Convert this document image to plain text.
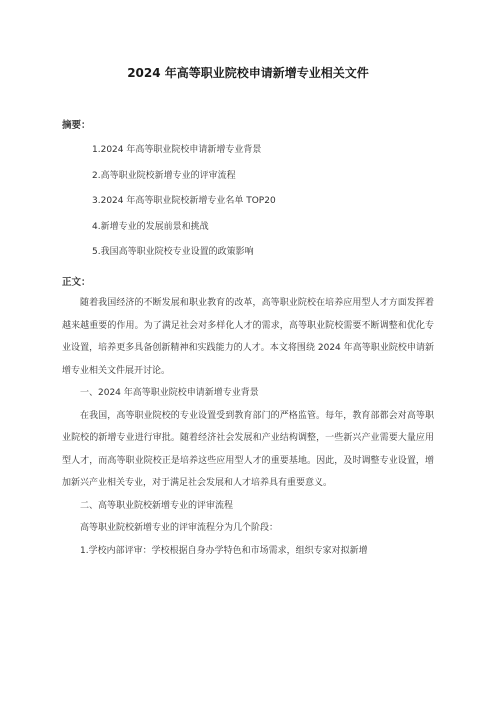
2024 年高等职业院校申请新增专业相关文件
摘要：
1.2024 年高等职业院校申请新增专业背景
2.高等职业院校新增专业的评审流程
3.2024 年高等职业院校新增专业名单 TOP20
4.新增专业的发展前景和挑战
5.我国高等职业院校专业设置的政策影响
正文：

随着我国经济的不断发展和职业教育的改革，高等职业院校在培养应用型人才方面发挥着越来越重要的作用。为了满足社会对多样化人才的需求，高等职业院校需要不断调整和优化专业设置，培养更多具备创新精神和实践能力的人才。本文将围绕 2024 年高等职业院校申请新增专业相关文件展开讨论。

一、2024 年高等职业院校申请新增专业背景

在我国，高等职业院校的专业设置受到教育部门的严格监管。每年，教育部都会对高等职业院校的新增专业进行审批。随着经济社会发展和产业结构调整，一些新兴产业需要大量应用型人才，而高等职业院校正是培养这些应用型人才的重要基地。因此，及时调整专业设置，增加新兴产业相关专业，对于满足社会发展和人才培养具有重要意义。

二、高等职业院校新增专业的评审流程

高等职业院校新增专业的评审流程分为几个阶段：

1.学校内部评审：学校根据自身办学特色和市场需求，组织专家对拟新增
